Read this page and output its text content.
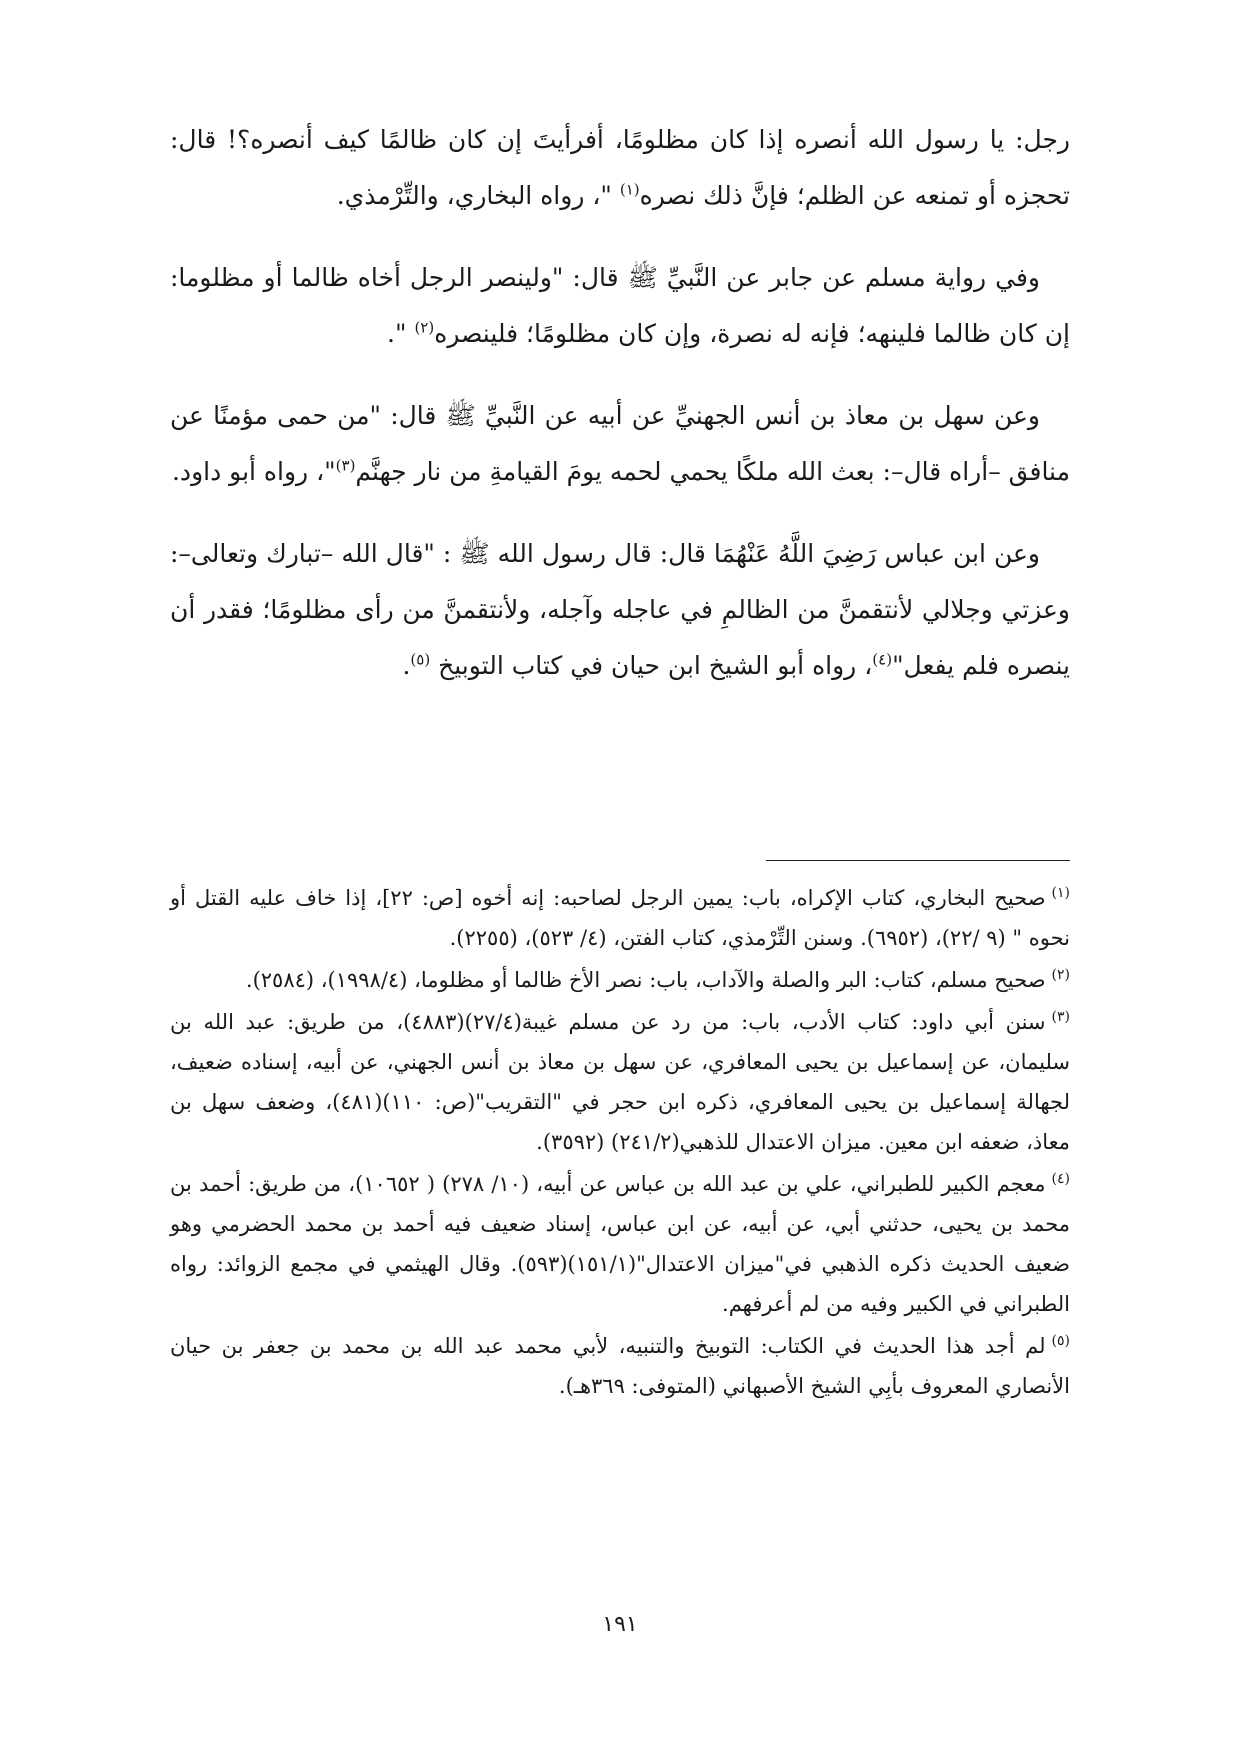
رجل: يا رسول الله أنصره إذا كان مظلومًا، أفرأيتَ إن كان ظالمًا كيف أنصره؟! قال: تحجزه أو تمنعه عن الظلم؛ فإنَّ ذلك نصره$^{(١)}$ "، رواه البخاري، والتِّرْمذي.

وفي رواية مسلم عن جابر عن النَّبيِّ ﷺ قال: "ولينصر الرجل أخاه ظالما أو مظلوما: إن كان ظالما فلينهه؛ فإنه له نصرة، وإن كان مظلومًا؛ فلينصره$^{(٢)}$ ".

وعن سهل بن معاذ بن أنس الجهنيِّ عن أبيه عن النَّبيِّ ﷺ قال: "من حمى مؤمنًا عن منافق –أراه قال–: بعث الله ملكًا يحمي لحمه يومَ القيامةِ من نار جهنَّم$^{(٣)}$"، رواه أبو داود.

وعن ابن عباس رَضِيَ اللَّهُ عَنْهُمَا قال: قال رسول الله ﷺ : "قال الله –تبارك وتعالى–: وعزتي وجلالي لأنتقمنَّ من الظالمِ في عاجله وآجله، ولأنتقمنَّ من رأى مظلومًا؛ فقدر أن ينصره فلم يفعل"$^{(٤)}$، رواه أبو الشيخ ابن حيان في كتاب التوبيخ $^{(٥)}$.

$^{(١)}$صحيح البخاري، كتاب الإكراه، باب: يمين الرجل لصاحبه: إنه أخوه [ص: ٢٢]، إذا خاف عليه القتل أو نحوه " (٩ /٢٢)، (٦٩٥٢). وسنن التِّرْمذي، كتاب الفتن، (٤/ ٥٢٣)، (٢٢٥٥).

$^{(٢)}$صحيح مسلم، كتاب: البر والصلة والآداب، باب: نصر الأخ ظالما أو مظلوما، (١٩٩٨/٤)، (٢٥٨٤).

$^{(٣)}$سنن أبي داود: كتاب الأدب، باب: من رد عن مسلم غيبة(٢٧/٤)(٤٨٨٣)، من طريق: عبد الله بن سليمان، عن إسماعيل بن يحيى المعافري، عن سهل بن معاذ بن أنس الجهني، عن أبيه، إسناده ضعيف، لجهالة إسماعيل بن يحيى المعافري، ذكره ابن حجر في "التقريب"(ص: ١١٠)(٤٨١)، وضعف سهل بن معاذ، ضعفه ابن معين. ميزان الاعتدال للذهبي(٢٤١/٢) (٣٥٩٢).

$^{(٤)}$معجم الكبير للطبراني، علي بن عبد الله بن عباس عن أبيه، (١٠/ ٢٧٨) ( ١٠٦٥٢)، من طريق: أحمد بن محمد بن يحيى، حدثني أبي، عن أبيه، عن ابن عباس، إسناد ضعيف فيه أحمد بن محمد الحضرمي وهو ضعيف الحديث ذكره الذهبي في"ميزان الاعتدال"(١٥١/١)(٥٩٣). وقال الهيثمي في مجمع الزوائد: رواه الطبراني في الكبير وفيه من لم أعرفهم.

$^{(٥)}$لم أجد هذا الحديث في الكتاب: التوبيخ والتنبيه، لأبي محمد عبد الله بن محمد بن جعفر بن حيان الأنصاري المعروف بأبِي الشيخ الأصبهاني (المتوفى: ٣٦٩هـ).

١٩١
